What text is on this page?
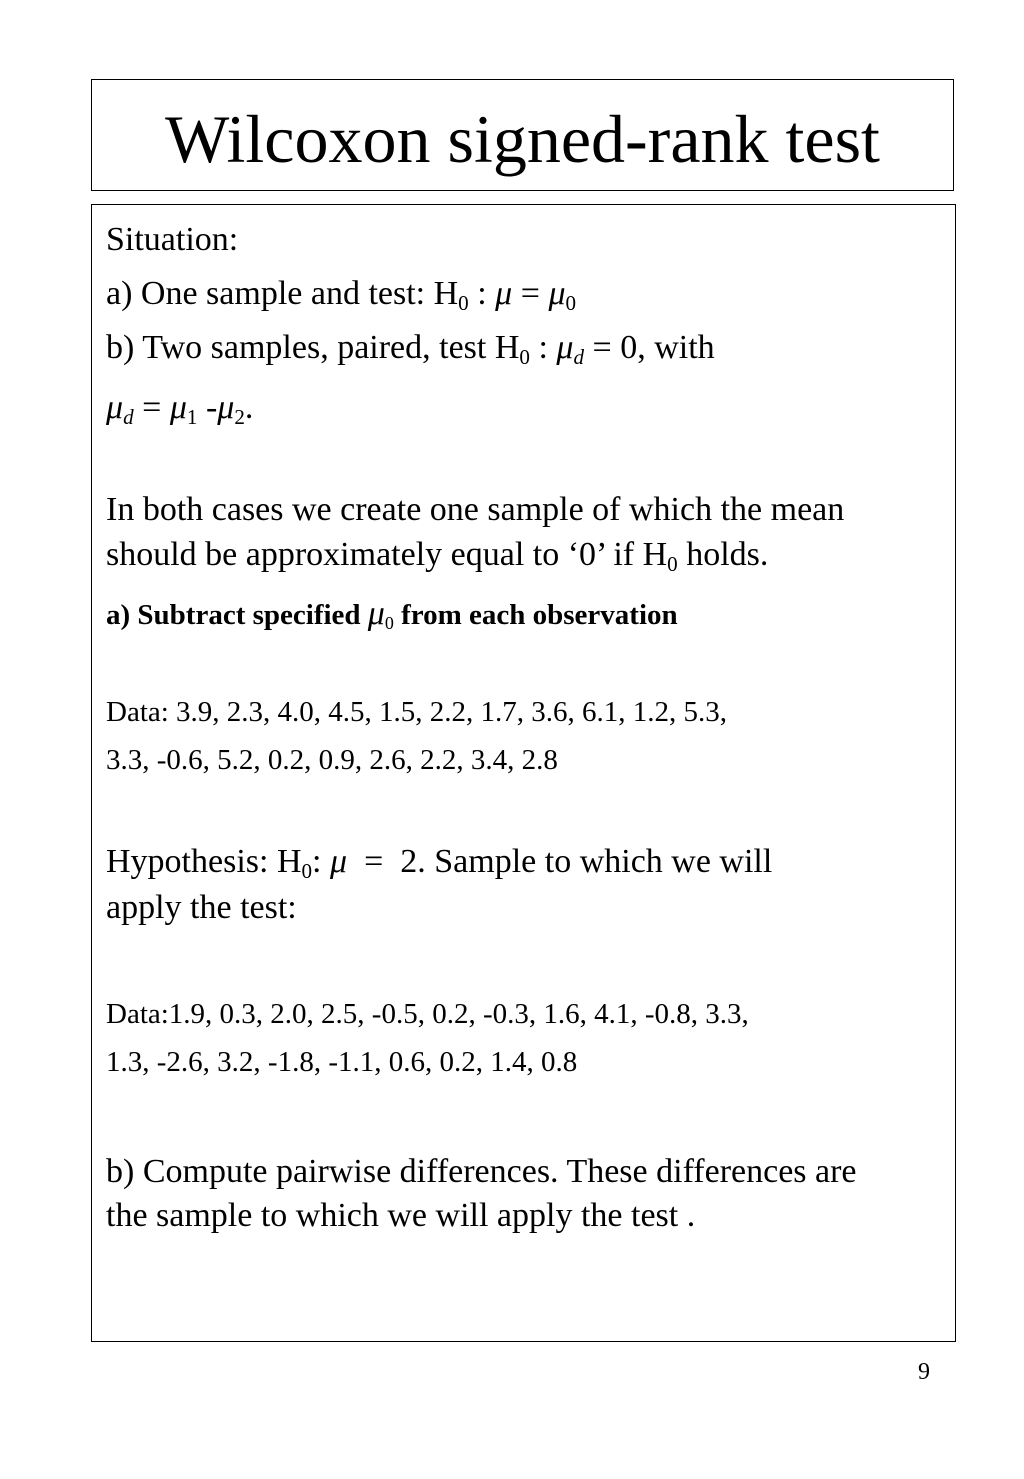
Wilcoxon signed-rank test
Situation:
a) One sample and test: $H_0$ : $\mu = \mu_0$
b) Two samples, paired, test $H_0$ : $\mu_d = 0$, with
$\mu_d = \mu_1$ $-\mu_2$.
In both cases we create one sample of which the mean
should be approximately equal to ‘0’ if $H_0$ holds.
a) Subtract specified $\mu_0$ from each observation
Data: 3.9, 2.3, 4.0, 4.5, 1.5, 2.2, 1.7, 3.6, 6.1, 1.2, 5.3,
3.3, -0.6, 5.2, 0.2, 0.9, 2.6, 2.2, 3.4, 2.8
Hypothesis: $H_0$: μ  =  2. Sample to which we will
apply the test:
Data:1.9, 0.3, 2.0, 2.5, -0.5, 0.2, -0.3, 1.6, 4.1, -0.8, 3.3,
1.3, -2.6, 3.2, -1.8, -1.1, 0.6, 0.2, 1.4, 0.8
b) Compute pairwise differences. These differences are
the sample to which we will apply the test .
9
